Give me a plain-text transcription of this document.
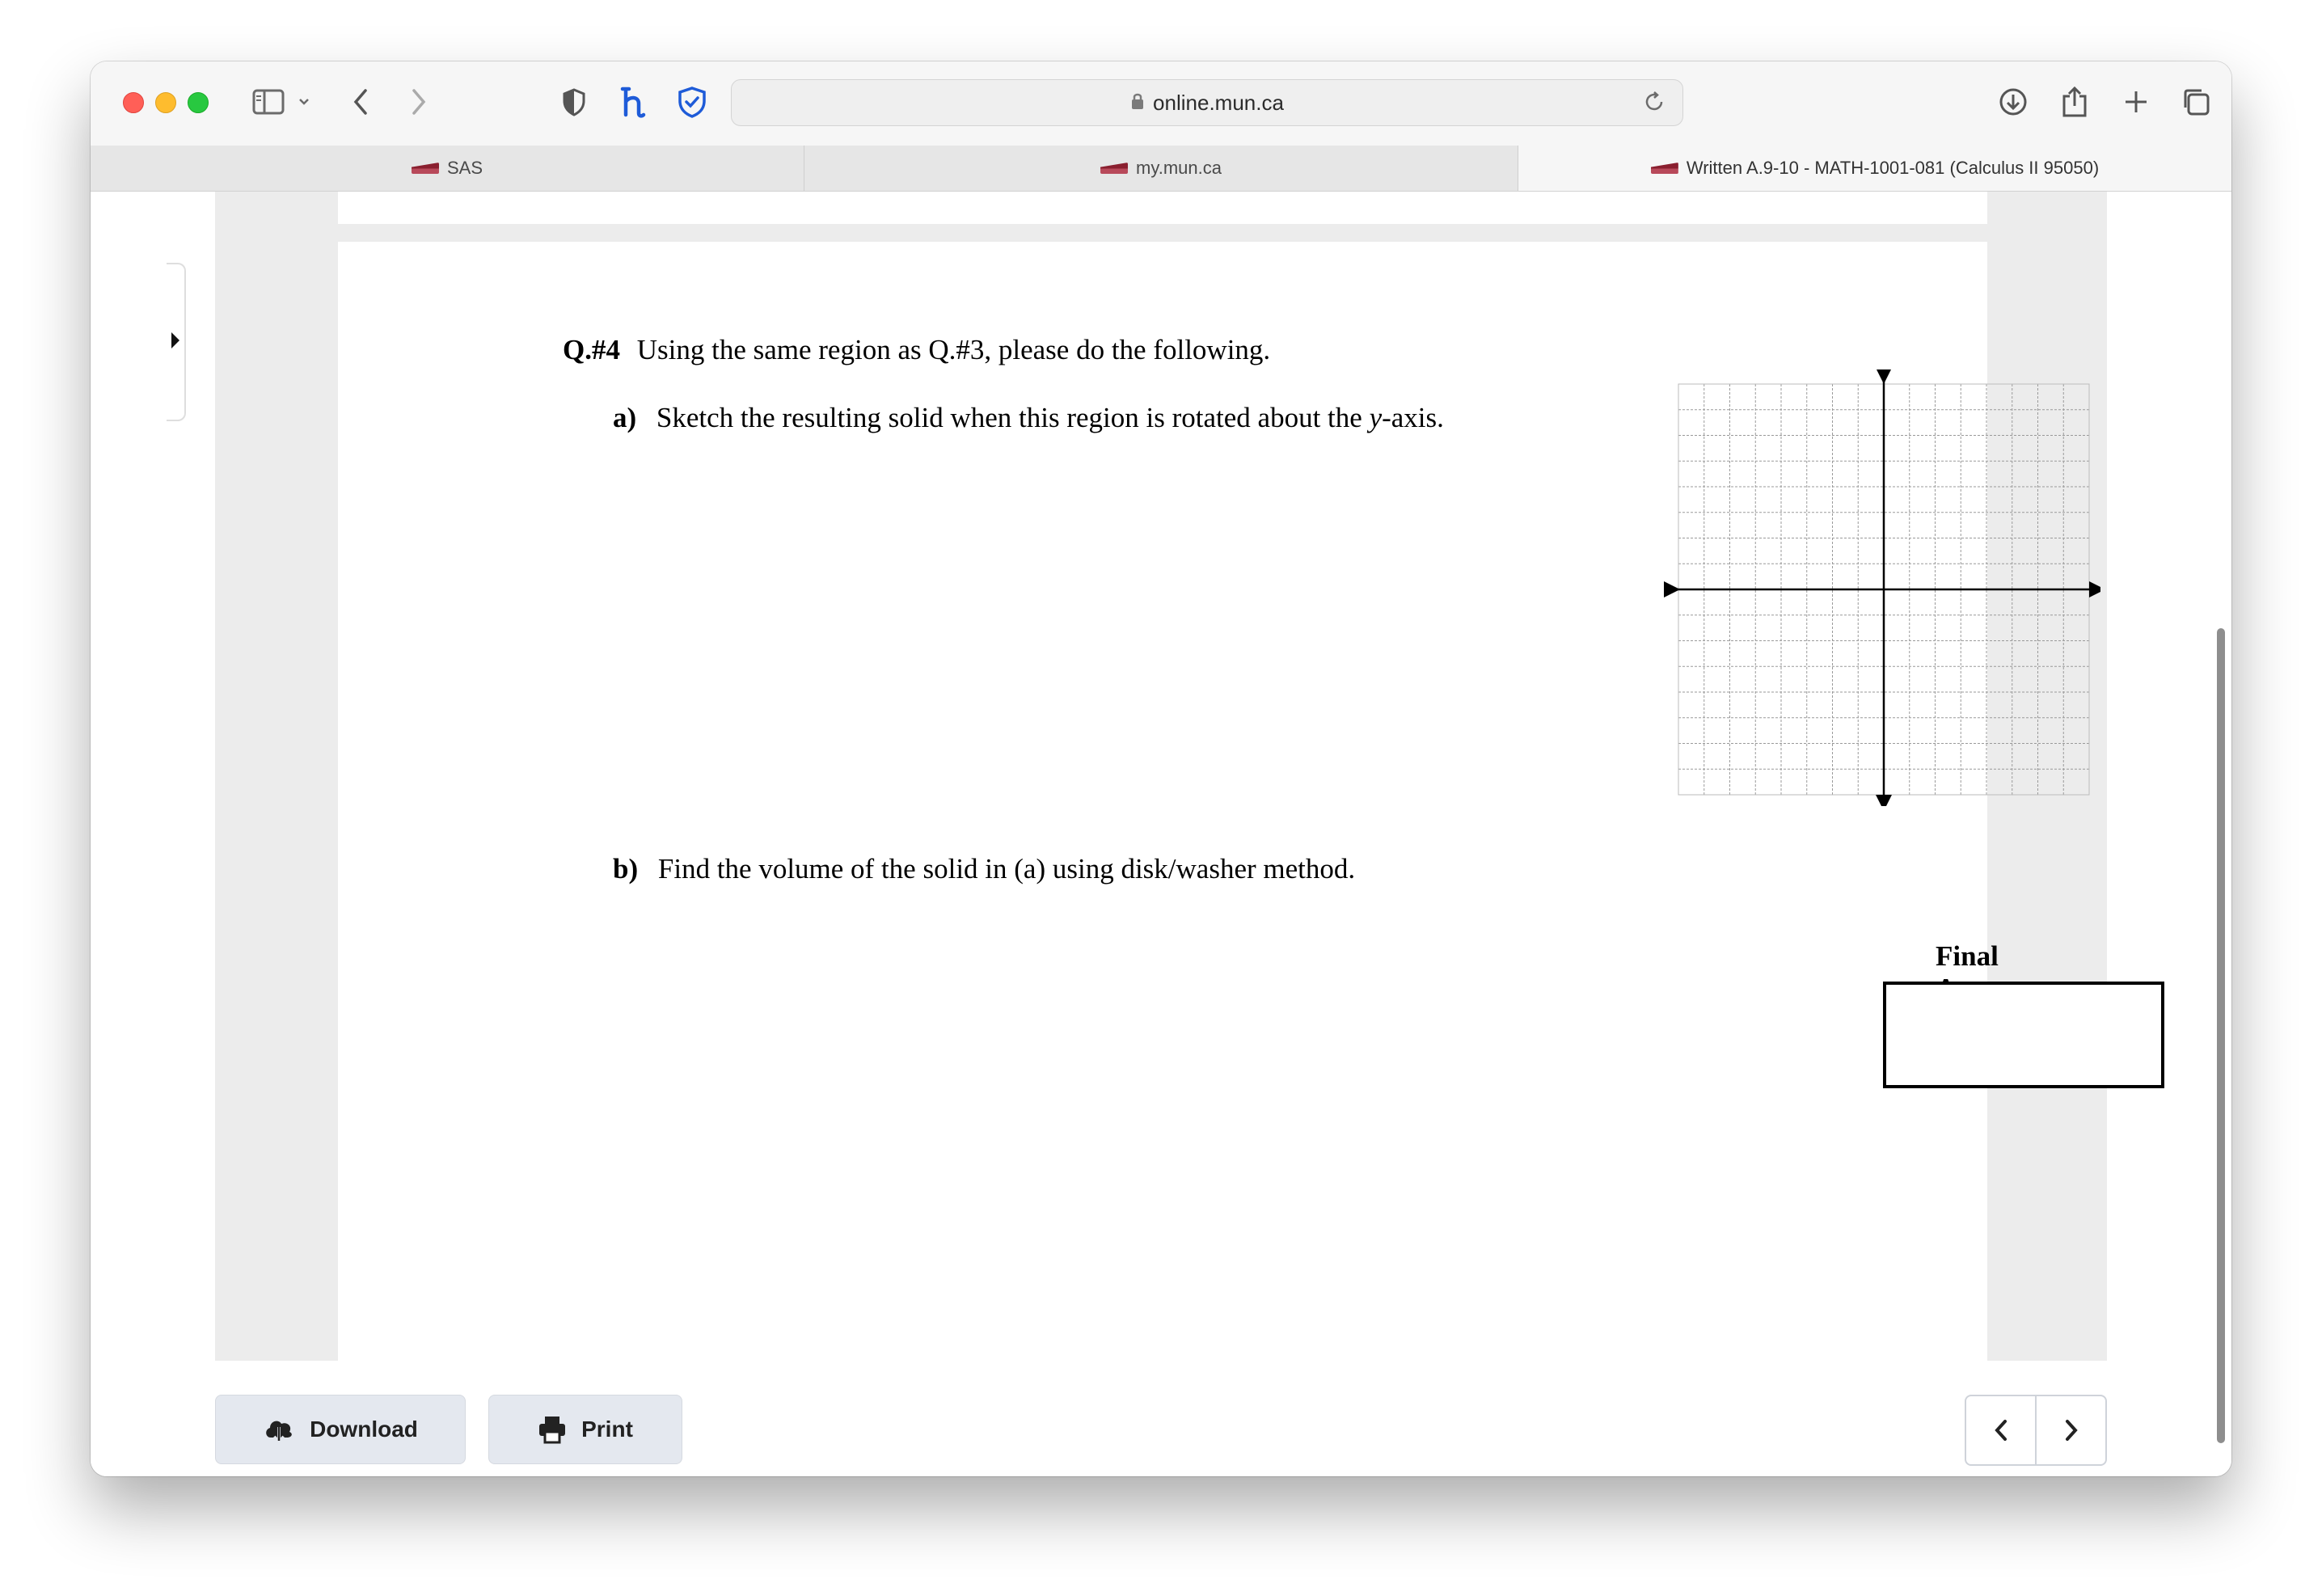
online.mun.ca
SAS	my.mun.ca	Written A.9-10 - MATH-1001-081 (Calculus II 95050)
Q.#4 Using the same region as Q.#3, please do the following.
a) Sketch the resulting solid when this region is rotated about the y-axis.
Final
b) Find the volume of the solid in (a) using disk/washer method.
Download	Print
